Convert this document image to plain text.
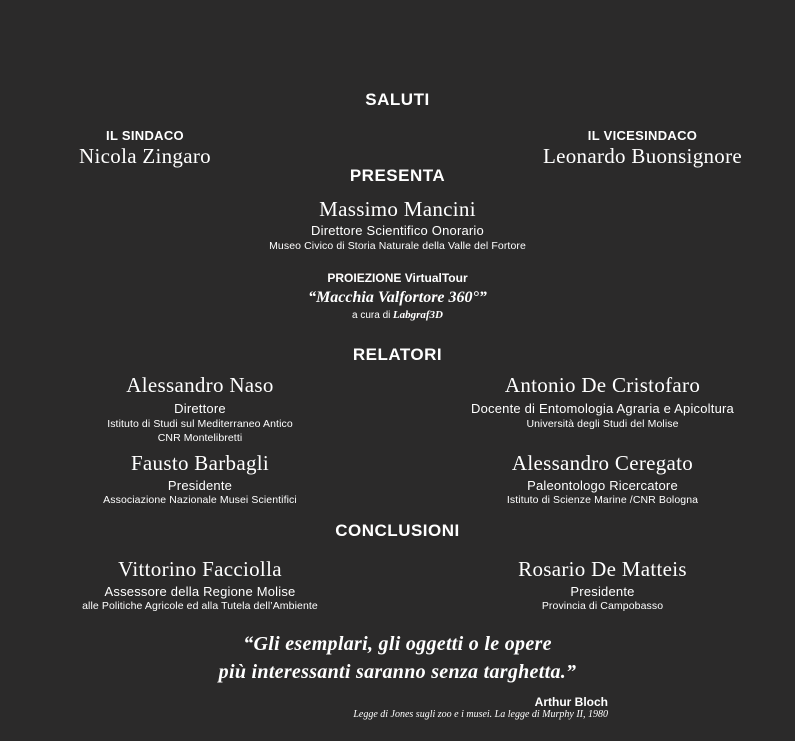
SALUTI
IL SINDACO
Nicola Zingaro
IL VICESINDACO
Leonardo Buonsignore
PRESENTA
Massimo Mancini
Direttore Scientifico Onorario
Museo Civico di Storia Naturale della Valle del Fortore
PROIEZIONE VirtualTour
“Macchia Valfortore 360°”
a cura di Labgraf3D
RELATORI
Alessandro Naso
Direttore
Istituto di Studi sul Mediterraneo Antico
CNR Montelibretti
Antonio De Cristofaro
Docente di Entomologia Agraria e Apicoltura
Università degli Studi del Molise
Fausto Barbagli
Presidente
Associazione Nazionale Musei Scientifici
Alessandro Ceregato
Paleontologo Ricercatore
Istituto di Scienze Marine /CNR Bologna
CONCLUSIONI
Vittorino Facciolla
Assessore della Regione Molise
alle Politiche Agricole ed alla Tutela dell’Ambiente
Rosario De Matteis
Presidente
Provincia di Campobasso
“Gli esemplari, gli oggetti o le opere
più interessanti saranno senza targhetta.”
Arthur Bloch
Legge di Jones sugli zoo e i musei. La legge di Murphy II, 1980
